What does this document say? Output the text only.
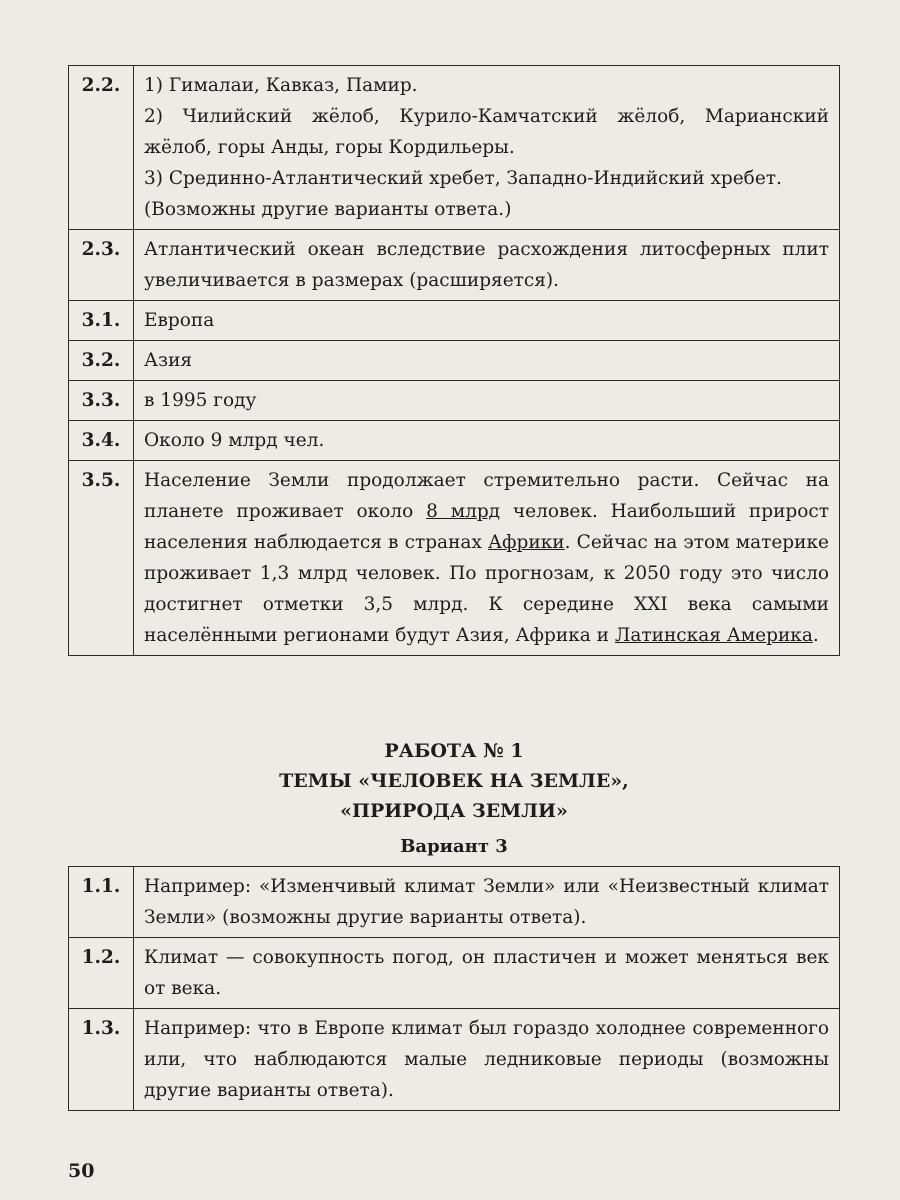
2.2.	1) Гималаи, Кавказ, Памир.

2) Чилийский жёлоб, Курило-Камчатский жёлоб, Марианский жёлоб, горы Анды, горы Кордильеры.

3) Срединно-Атлантический хребет, Западно-Индийский хребет.

(Возможны другие варианты ответа.)

2.3.	Атлантический океан вследствие расхождения литосферных плит увеличивается в размерах (расширяется).

3.1.	Европа

3.2.	Азия

3.3.	в 1995 году

3.4.	Около 9 млрд чел.

3.5.	Население Земли продолжает стремительно расти. Сейчас на планете проживает около 8 млрд человек. Наибольший прирост населения наблюдается в странах Африки. Сейчас на этом материке проживает 1,3 млрд человек. По прогнозам, к 2050 году это число достигнет отметки 3,5 млрд. К середине XXI века самыми населёнными регионами будут Азия, Африка и Латинская Америка.

РАБОТА № 1
ТЕМЫ «ЧЕЛОВЕК НА ЗЕМЛЕ»,
«ПРИРОДА ЗЕМЛИ»
Вариант 3
1.1.	Например: «Изменчивый климат Земли» или «Неизвестный климат Земли» (возможны другие варианты ответа).

1.2.	Климат — совокупность погод, он пластичен и может меняться век от века.

1.3.	Например: что в Европе климат был гораздо холоднее современного или, что наблюдаются малые ледниковые периоды (возможны другие варианты ответа).

50
